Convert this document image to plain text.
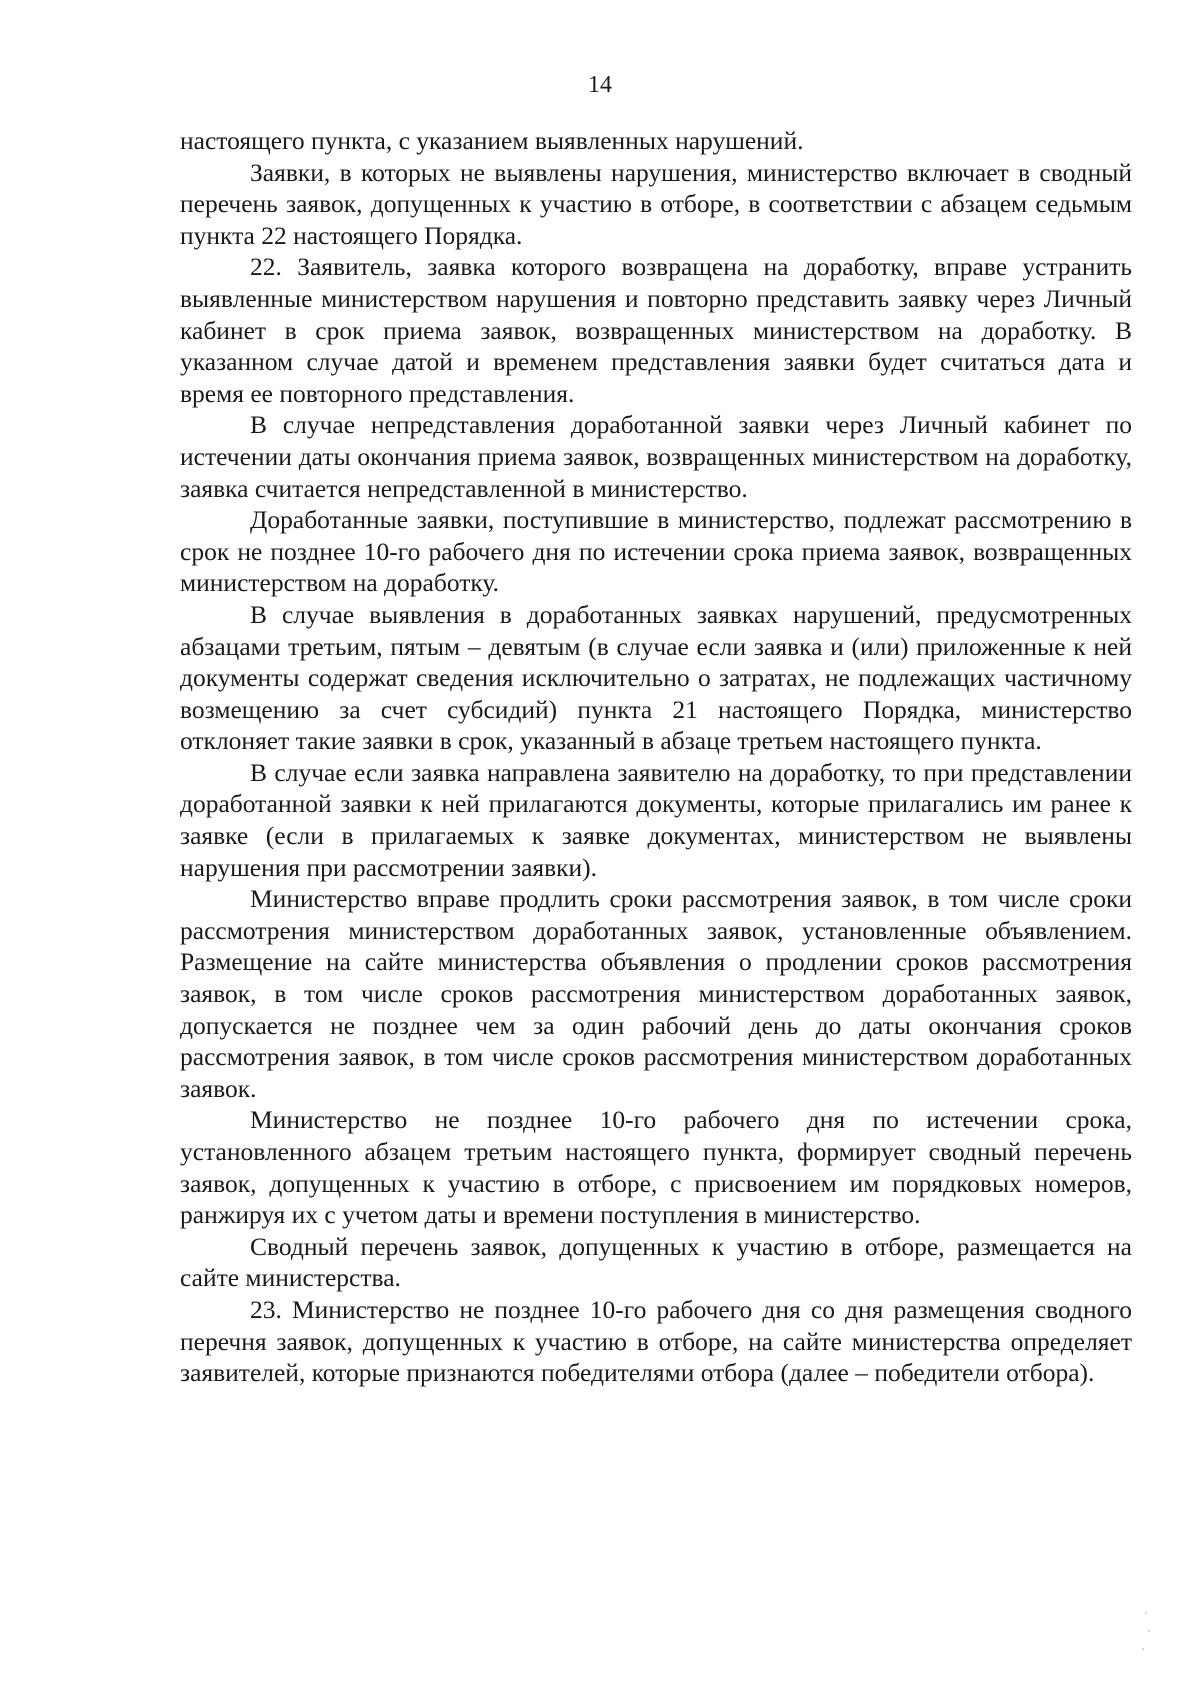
14

настоящего пункта, с указанием выявленных нарушений.

Заявки, в которых не выявлены нарушения, министерство включает в сводный перечень заявок, допущенных к участию в отборе, в соответствии с абзацем седьмым пункта 22 настоящего Порядка.

22. Заявитель, заявка которого возвращена на доработку, вправе устранить выявленные министерством нарушения и повторно представить заявку через Личный кабинет в срок приема заявок, возвращенных министерством на доработку. В указанном случае датой и временем представления заявки будет считаться дата и время ее повторного представления.

В случае непредставления доработанной заявки через Личный кабинет по истечении даты окончания приема заявок, возвращенных министерством на доработку, заявка считается непредставленной в министерство.

Доработанные заявки, поступившие в министерство, подлежат рассмотрению в срок не позднее 10-го рабочего дня по истечении срока приема заявок, возвращенных министерством на доработку.

В случае выявления в доработанных заявках нарушений, предусмотренных абзацами третьим, пятым – девятым (в случае если заявка и (или) приложенные к ней документы содержат сведения исключительно о затратах, не подлежащих частичному возмещению за счет субсидий) пункта 21 настоящего Порядка, министерство отклоняет такие заявки в срок, указанный в абзаце третьем настоящего пункта.

В случае если заявка направлена заявителю на доработку, то при представлении доработанной заявки к ней прилагаются документы, которые прилагались им ранее к заявке (если в прилагаемых к заявке документах, министерством не выявлены нарушения при рассмотрении заявки).

Министерство вправе продлить сроки рассмотрения заявок, в том числе сроки рассмотрения министерством доработанных заявок, установленные объявлением. Размещение на сайте министерства объявления о продлении сроков рассмотрения заявок, в том числе сроков рассмотрения министерством доработанных заявок, допускается не позднее чем за один рабочий день до даты окончания сроков рассмотрения заявок, в том числе сроков рассмотрения министерством доработанных заявок.

Министерство не позднее 10-го рабочего дня по истечении срока, установленного абзацем третьим настоящего пункта, формирует сводный перечень заявок, допущенных к участию в отборе, с присвоением им порядковых номеров, ранжируя их с учетом даты и времени поступления в министерство.

Сводный перечень заявок, допущенных к участию в отборе, размещается на сайте министерства.

23. Министерство не позднее 10-го рабочего дня со дня размещения сводного перечня заявок, допущенных к участию в отборе, на сайте министерства определяет заявителей, которые признаются победителями отбора (далее – победители отбора).
